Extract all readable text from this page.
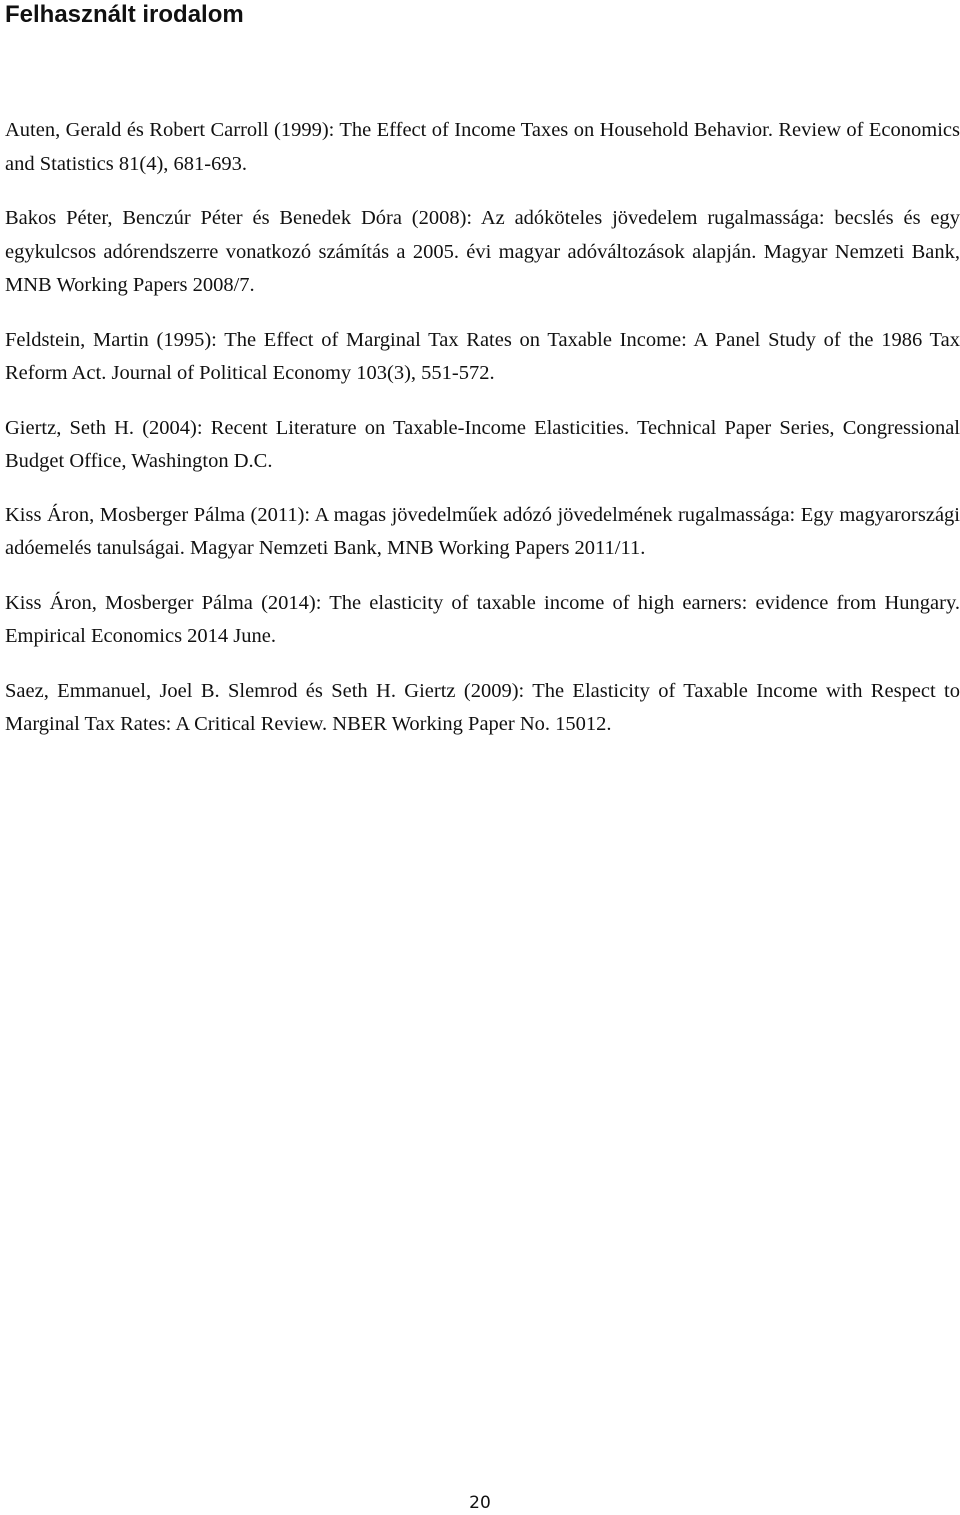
Felhasznált irodalom

Auten, Gerald és Robert Carroll (1999): The Effect of Income Taxes on Household Behavior. Review of Economics and Statistics 81(4), 681-693.

Bakos Péter, Benczúr Péter és Benedek Dóra (2008): Az adóköteles jövedelem rugalmassága: becslés és egy egykulcsos adórendszerre vonatkozó számítás a 2005. évi magyar adóváltozások alapján. Magyar Nemzeti Bank, MNB Working Papers 2008/7.

Feldstein, Martin (1995): The Effect of Marginal Tax Rates on Taxable Income: A Panel Study of the 1986 Tax Reform Act. Journal of Political Economy 103(3), 551-572.

Giertz, Seth H. (2004): Recent Literature on Taxable-Income Elasticities. Technical Paper Series, Congressional Budget Office, Washington D.C.

Kiss Áron, Mosberger Pálma (2011): A magas jövedelműek adózó jövedelmének rugalmassága: Egy magyarországi adóemelés tanulságai. Magyar Nemzeti Bank, MNB Working Papers 2011/11.

Kiss Áron, Mosberger Pálma (2014): The elasticity of taxable income of high earners: evidence from Hungary. Empirical Economics 2014 June.

Saez, Emmanuel, Joel B. Slemrod és Seth H. Giertz (2009): The Elasticity of Taxable Income with Respect to Marginal Tax Rates: A Critical Review. NBER Working Paper No. 15012.

20
